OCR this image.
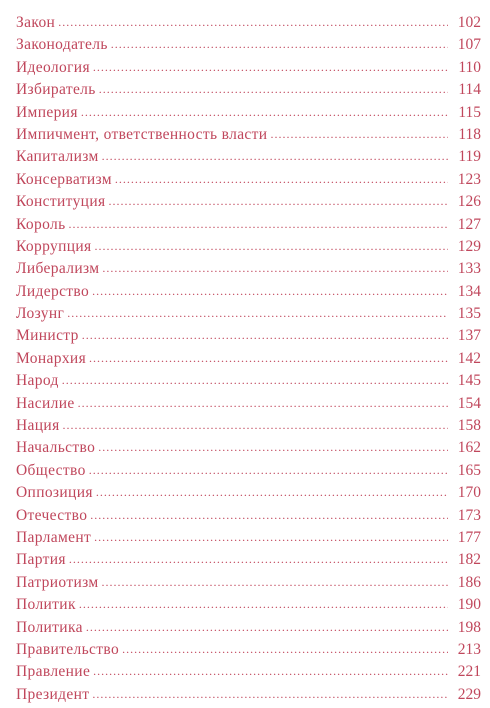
Закон .....	102
Законодатель .....	107
Идеология .....	110
Избиратель .....	114
Империя .....	115
Импичмент, ответственность власти .....	118
Капитализм .....	119
Консерватизм .....	123
Конституция .....	126
Король .....	127
Коррупция .....	129
Либерализм .....	133
Лидерство .....	134
Лозунг .....	135
Министр .....	137
Монархия .....	142
Народ .....	145
Насилие .....	154
Нация .....	158
Начальство .....	162
Общество .....	165
Оппозиция .....	170
Отечество .....	173
Парламент .....	177
Партия .....	182
Патриотизм .....	186
Политик .....	190
Политика .....	198
Правительство .....	213
Правление .....	221
Президент .....	229
